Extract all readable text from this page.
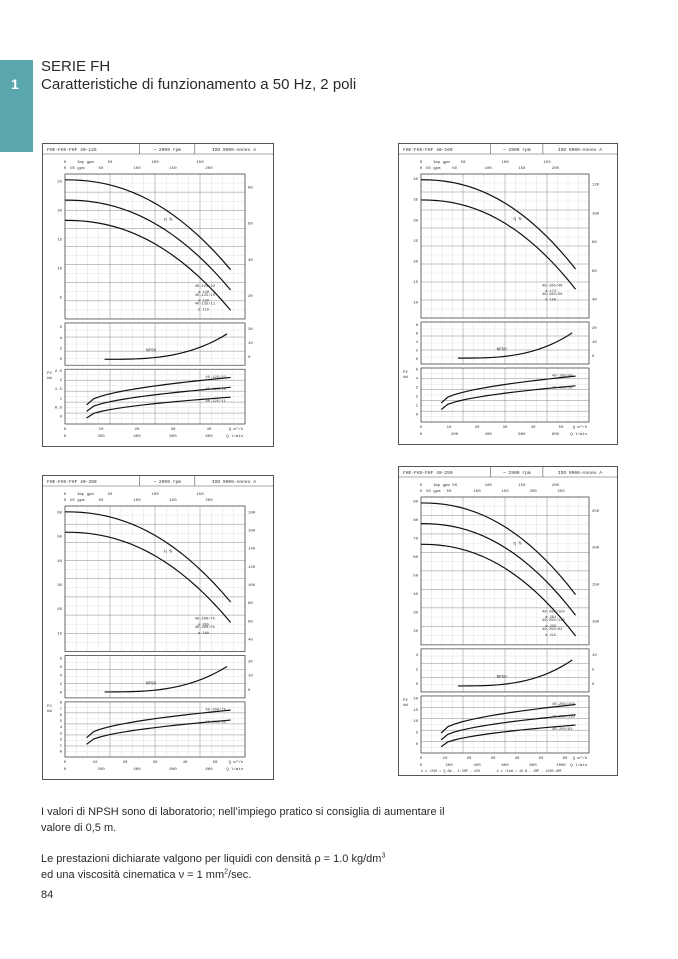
1
SERIE FH
Caratteristiche di funzionamento a 50 Hz, 2 poli
FHE-FHS-FHF 40-125	~ 2900 rpm	ISO 9906-Annex A
Imp gpm
US gpm
0	50	100	150
0	50	100	150	200
25
20
15
10
5
80
60
40
20
40-125/22
ø 140
40-125/15
ø 130
40-125/11
ø 110
η %
6
4
2
0
20
10
0
NPSH
P2
kW
2.5
2
1.5
1
0.5
0
40-125/22
40-125/15
40-125/11
0	10	20	30	40
0	200	400	600	800
Q m³/h
Q l/min
FHE-FHS-FHF 40-160	~ 2900 rpm	ISO 9906-Annex A
Imp gpm
US gpm
0	50	100	150
0	50	100	150	200
40
35
30
25
20
15
10
120
100
80
60
40
40-160/40
ø 174
40-160/30
ø 150
η %
8
6
4
2
0
20
10
0
NPSH
P2
kW
5
4
3
2
1
0
40-160/40
40-160/30
0	10	20	30	40	50
0	200	400	600	800
Q m³/h
Q l/min
FHE-FHS-FHF 40-200	~ 2900 rpm	ISO 9906-Annex A
Imp gpm
US gpm
0	50	100	150
0	50	100	150	200
60
50
40
30
20
10
180
160
140
120
100
80
60
40
40-200/75
ø 205
40-200/55
ø 180
η %
8
6
4
2
0
20
10
0
NPSH
P2
kW
8
7
6
5
4
3
2
1
0
40-200/75
40-200/55
0	10	20	30	40	50
0	200	400	600	800
Q m³/h
Q l/min
FHE-FHS-FHF 40-250	~ 2900 rpm	ISO 9906-Annex A
Imp gpm
US gpm
0	50	100	150	200
0	50	100	150	200	250
90
80
70
60
50
40
30
20
250
200
150
100
40-250/150
ø 261
40-250/110
ø 239
40-250/92
ø 215
η %
4
2
0
10
5
0
NPSH
P2
kW
20
15
10
5
0
40-250/150
40-250/110
40-250/92
0	10	20	30	40	50	60
0	200	400	600	800	1000
Q m³/h
Q l/min
k x /200 = Q.GW - 1.3HP - 150	k x /1kW = 1% B - 1MP - 1500.2MF
I valori di NPSH sono di laboratorio; nell’impiego pratico si consiglia di aumentare il
valore di 0,5 m.
Le prestazioni dichiarate valgono per liquidi con densità ρ = 1.0 $kg/dm^3$
ed una viscosità cinematica ν = 1 $mm^2/\sec$.
84
